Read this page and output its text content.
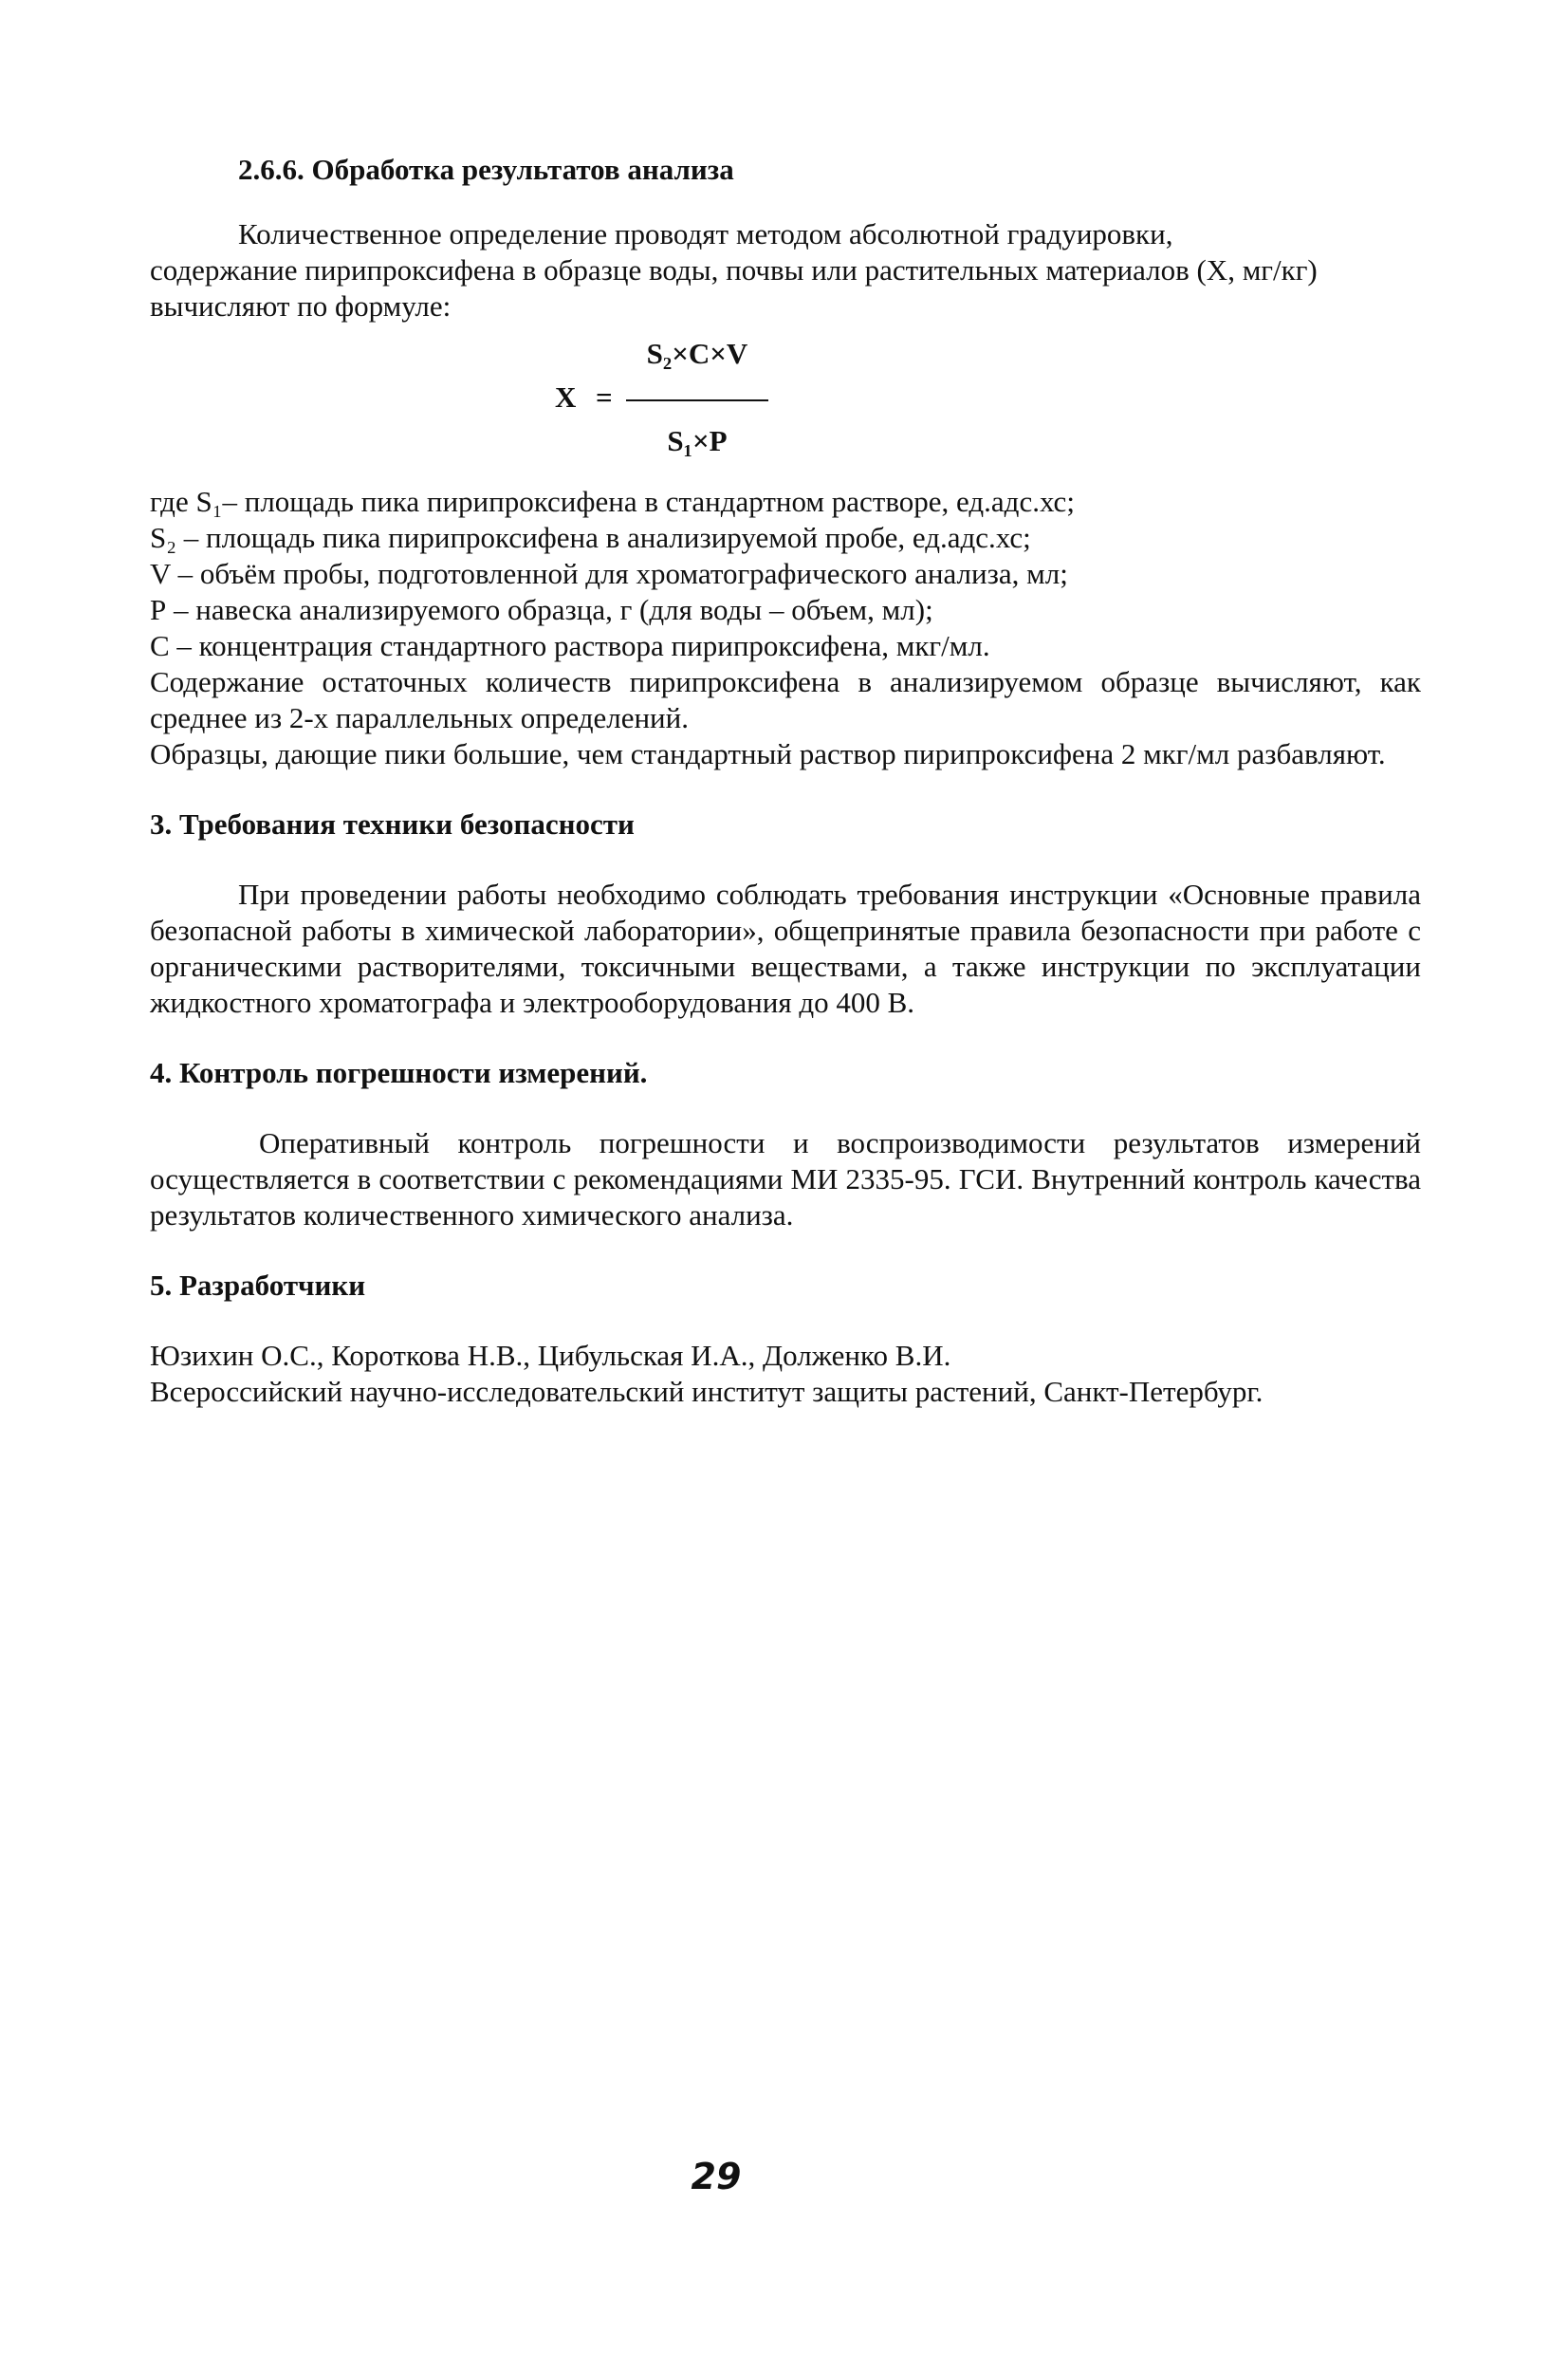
2.6.6. Обработка результатов анализа

Количественное определение проводят методом абсолютной градуировки,
содержание пирипроксифена в образце воды, почвы или растительных материалов (X, мг/кг)
вычисляют по формуле:

X =
S₂×C×V
S₁×P
где S₁– площадь пика пирипроксифена в стандартном растворе, ед.адс.хс;
S₂ – площадь пика пирипроксифена в анализируемой пробе, ед.адс.хс;
V – объём пробы, подготовленной для хроматографического анализа, мл;
Р – навеска анализируемого образца, г (для воды – объем, мл);
С – концентрация стандартного раствора пирипроксифена, мкг/мл.

Содержание остаточных количеств пирипроксифена в анализируемом образце вычисляют, как среднее из 2-х параллельных определений.

Образцы, дающие пики большие, чем стандартный раствор пирипроксифена 2 мкг/мл разбавляют.

3. Требования техники безопасности

При проведении работы необходимо соблюдать требования инструкции «Основные правила безопасной работы в химической лаборатории», общепринятые правила безопасности при работе с органическими растворителями, токсичными веществами, а также инструкции по эксплуатации жидкостного хроматографа и электрооборудования до 400 В.

4. Контроль погрешности измерений.

Оперативный контроль погрешности и воспроизводимости результатов измерений осуществляется в соответствии с рекомендациями МИ 2335-95. ГСИ. Внутренний контроль качества результатов количественного химического анализа.

5. Разработчики

Юзихин О.С., Короткова Н.В., Цибульская И.А., Долженко В.И.
Всероссийский научно-исследовательский институт защиты растений, Санкт-Петербург.
29
